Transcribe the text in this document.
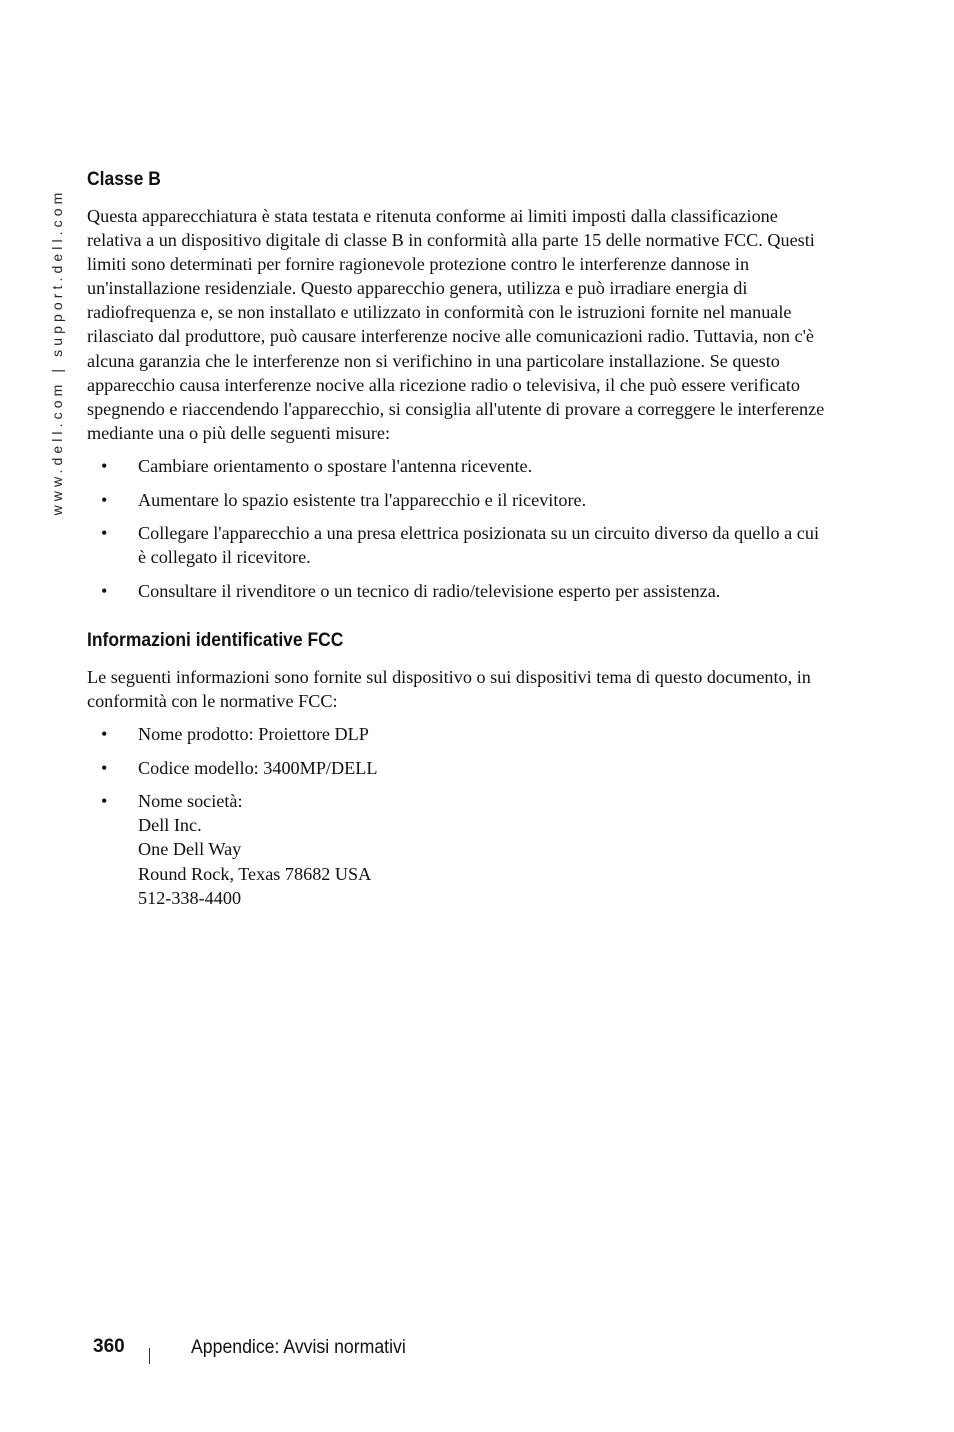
www.dell.com | support.dell.com
Classe B

Questa apparecchiatura è stata testata e ritenuta conforme ai limiti imposti dalla classificazione relativa a un dispositivo digitale di classe B in conformità alla parte 15 delle normative FCC. Questi limiti sono determinati per fornire ragionevole protezione contro le interferenze dannose in un'installazione residenziale. Questo apparecchio genera, utilizza e può irradiare energia di radiofrequenza e, se non installato e utilizzato in conformità con le istruzioni fornite nel manuale rilasciato dal produttore, può causare interferenze nocive alle comunicazioni radio. Tuttavia, non c'è alcuna garanzia che le interferenze non si verifichino in una particolare installazione. Se questo apparecchio causa interferenze nocive alla ricezione radio o televisiva, il che può essere verificato spegnendo e riaccendendo l'apparecchio, si consiglia all'utente di provare a correggere le interferenze mediante una o più delle seguenti misure:

• Cambiare orientamento o spostare l'antenna ricevente.
• Aumentare lo spazio esistente tra l'apparecchio e il ricevitore.
• Collegare l'apparecchio a una presa elettrica posizionata su un circuito diverso da quello a cui è collegato il ricevitore.
• Consultare il rivenditore o un tecnico di radio/televisione esperto per assistenza.
Informazioni identificative FCC

Le seguenti informazioni sono fornite sul dispositivo o sui dispositivi tema di questo documento, in conformità con le normative FCC:

• Nome prodotto: Proiettore DLP
• Codice modello: 3400MP/DELL
• Nome società:
Dell Inc.
One Dell Way
Round Rock, Texas 78682 USA
512-338-4400
360	Appendice: Avvisi normativi
